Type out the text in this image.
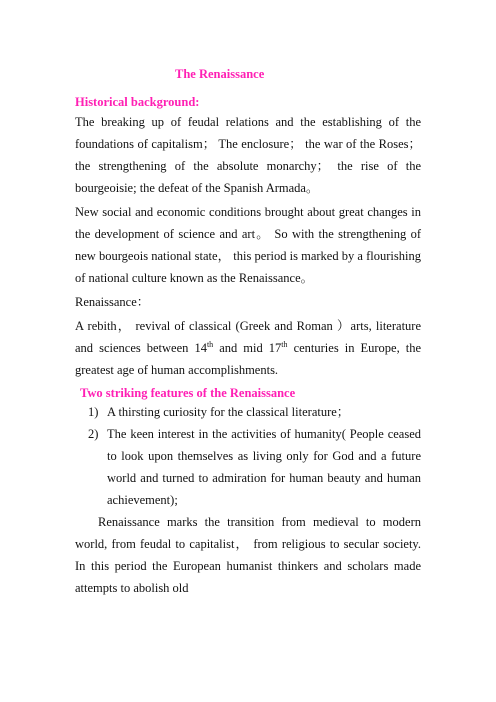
The Renaissance
Historical background:

The breaking up of feudal relations and the establishing of the foundations of capitalism； The enclosure； the war of the Roses； the strengthening of the absolute monarchy； the rise of the bourgeoisie; the defeat of the Spanish Armada。

New social and economic conditions brought about great changes in the development of science and art。 So with the strengthening of new bourgeois national state， this period is marked by a flourishing of national culture known as the Renaissance。

Renaissance：

A rebith， revival of classical (Greek and Roman ）arts, literature and sciences between 14th and mid 17th centuries in Europe, the greatest age of human accomplishments.

Two striking features of the Renaissance
1) A thirsting curiosity for the classical literature；
2) The keen interest in the activities of humanity( People ceased to look upon themselves as living only for God and a future world and turned to admiration for human beauty and human achievement);

Renaissance marks the transition from medieval to modern world, from feudal to capitalist， from religious to secular society. In this period the European humanist thinkers and scholars made attempts to abolish old
